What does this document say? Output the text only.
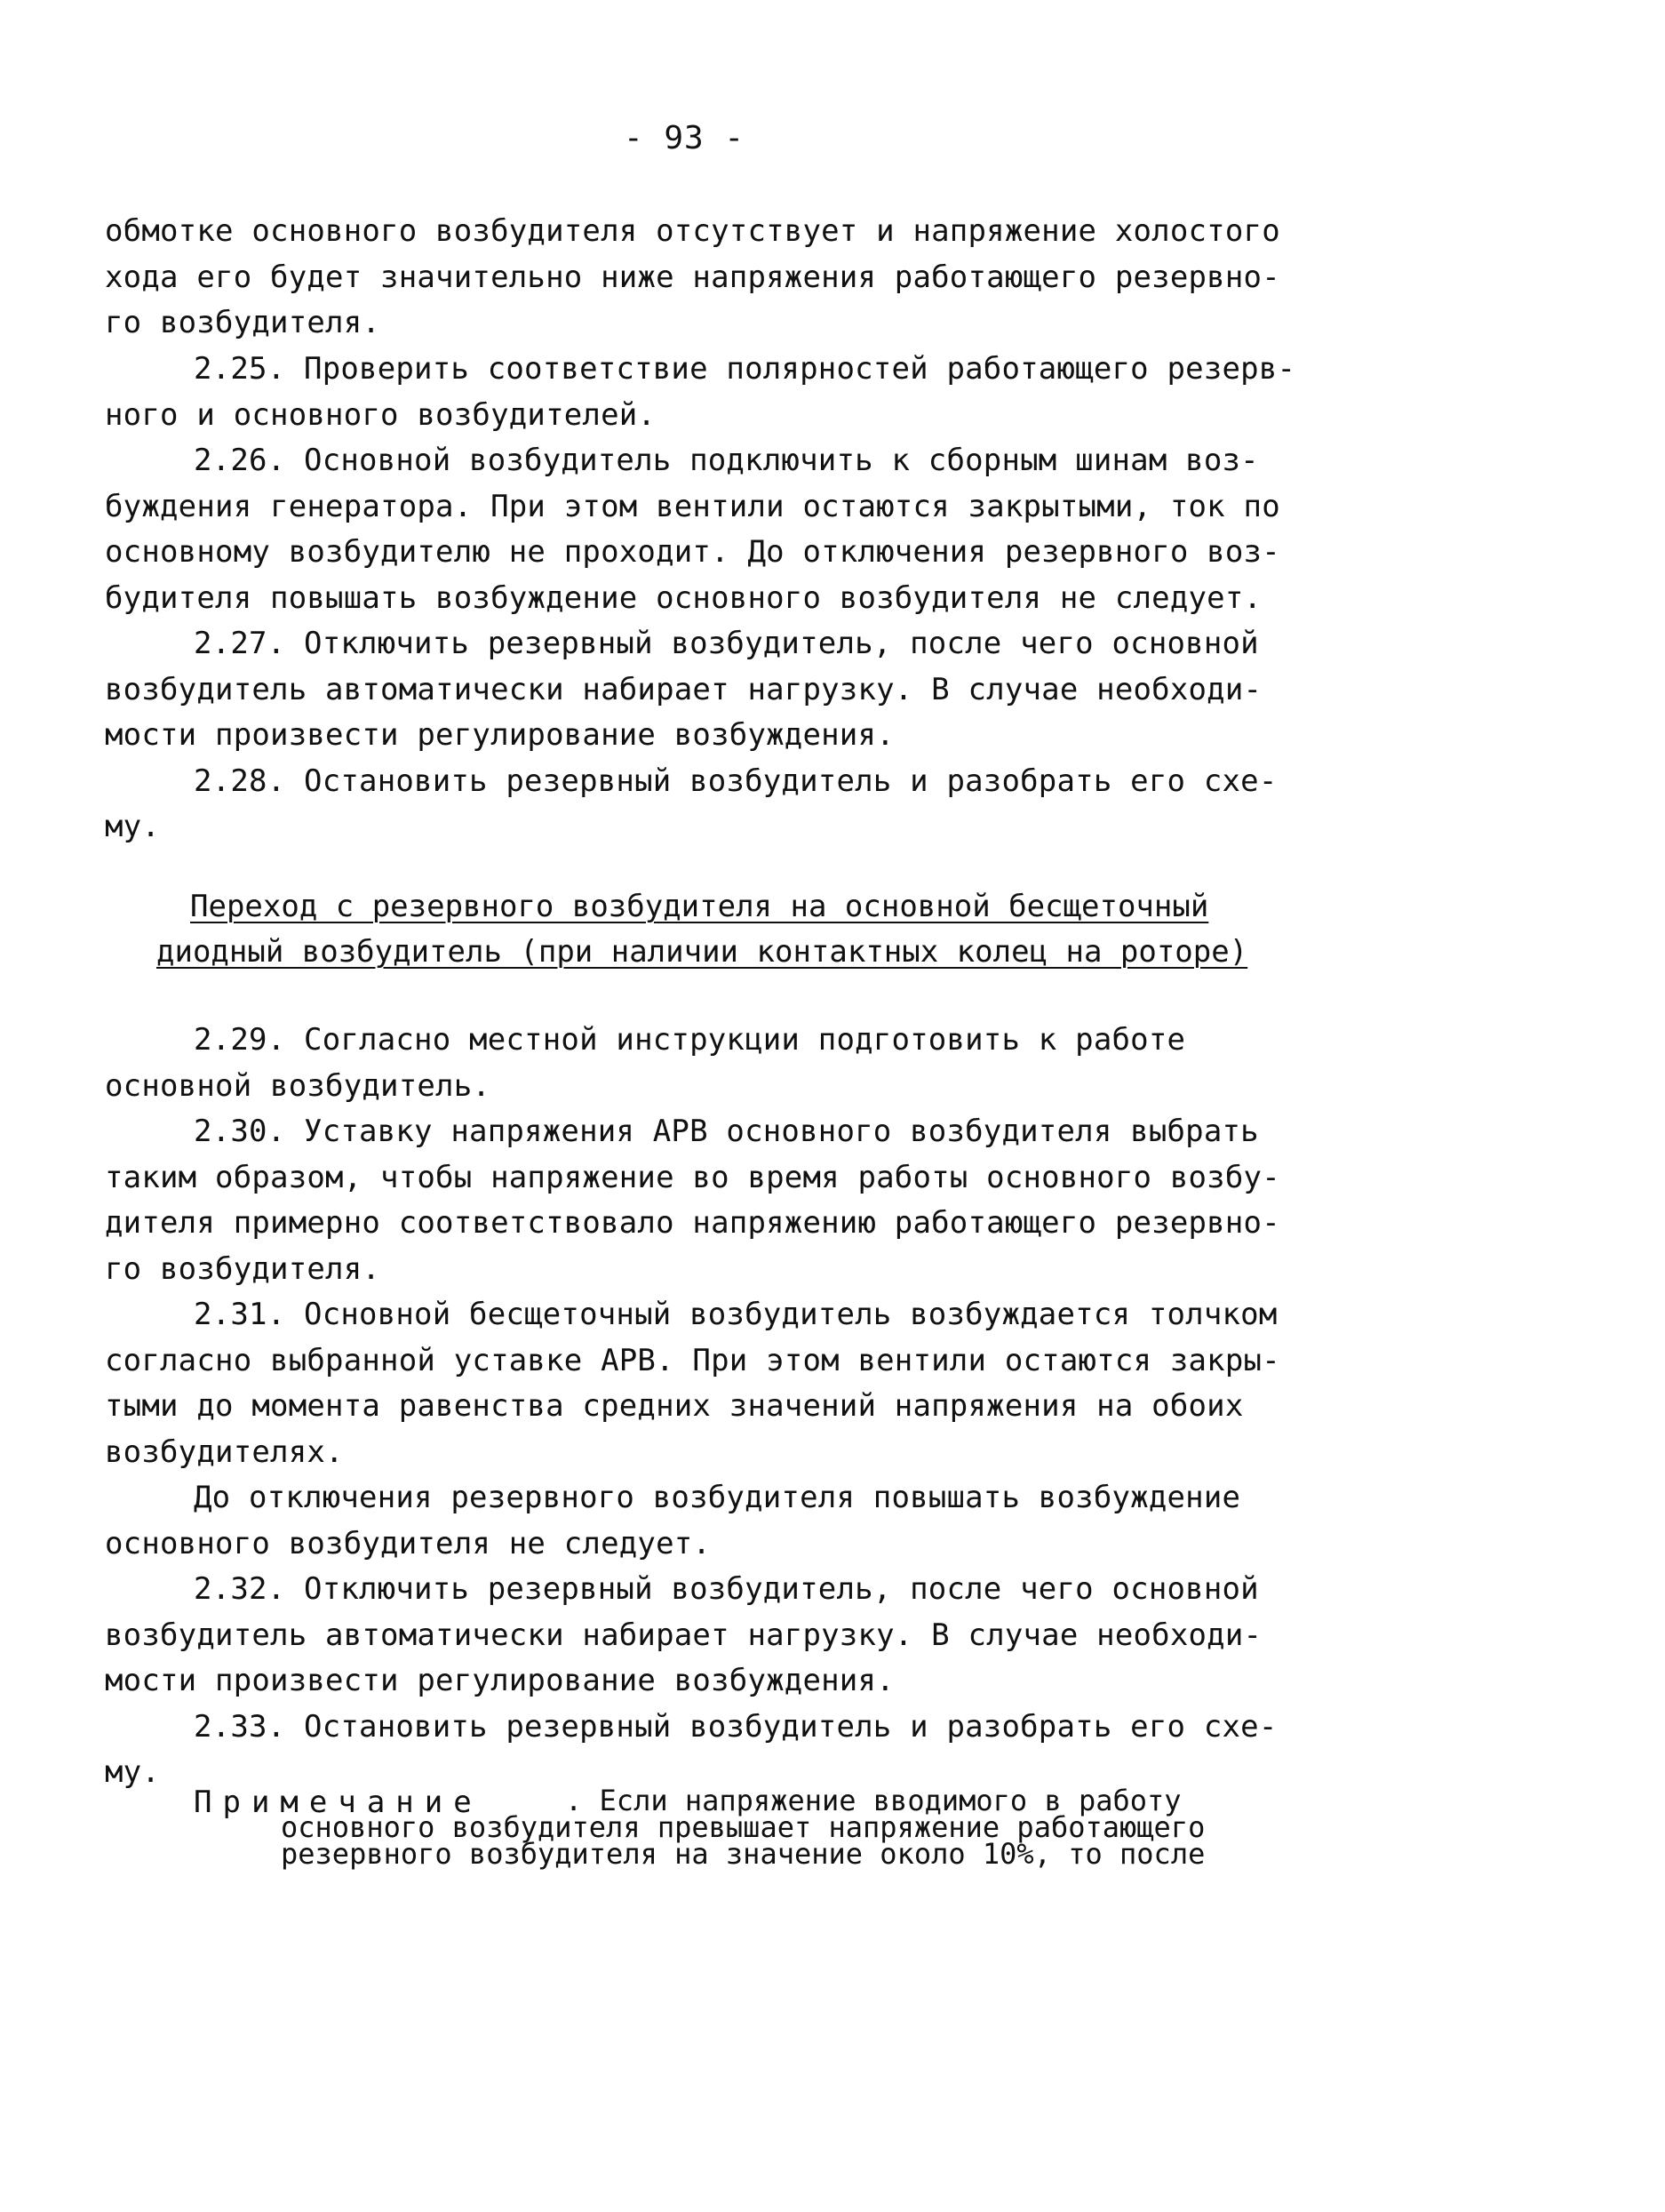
- 93 -
обмотке основного возбудителя отсутствует и напряжение холостого
хода его будет значительно ниже напряжения работающего резервно-
го возбудителя.
2.25. Проверить соответствие полярностей работающего резерв-
ного и основного возбудителей.
2.26. Основной возбудитель подключить к сборным шинам воз-
буждения генератора. При этом вентили остаются закрытыми, ток по
основному возбудителю не проходит. До отключения резервного воз-
будителя повышать возбуждение основного возбудителя не следует.
2.27. Отключить резервный возбудитель, после чего основной
возбудитель автоматически набирает нагрузку. В случае необходи-
мости произвести регулирование возбуждения.
2.28. Остановить резервный возбудитель и разобрать его схе-
му.
Переход с резервного возбудителя на основной бесщеточный
диодный возбудитель (при наличии контактных колец на роторе)
2.29. Согласно местной инструкции подготовить к работе
основной возбудитель.
2.30. Уставку напряжения АРВ основного возбудителя выбрать
таким образом, чтобы напряжение во время работы основного возбу-
дителя примерно соответствовало напряжению работающего резервно-
го возбудителя.
2.31. Основной бесщеточный возбудитель возбуждается толчком
согласно выбранной уставке АРВ. При этом вентили остаются закры-
тыми до момента равенства средних значений напряжения на обоих
возбудителях.
До отключения резервного возбудителя повышать возбуждение
основного возбудителя не следует.
2.32. Отключить резервный возбудитель, после чего основной
возбудитель автоматически набирает нагрузку. В случае необходи-
мости произвести регулирование возбуждения.
2.33. Остановить резервный возбудитель и разобрать его схе-
му.
Примечание	. Если напряжение вводимого в работу
основного возбудителя превышает напряжение работающего
резервного возбудителя на значение около 10%, то после
